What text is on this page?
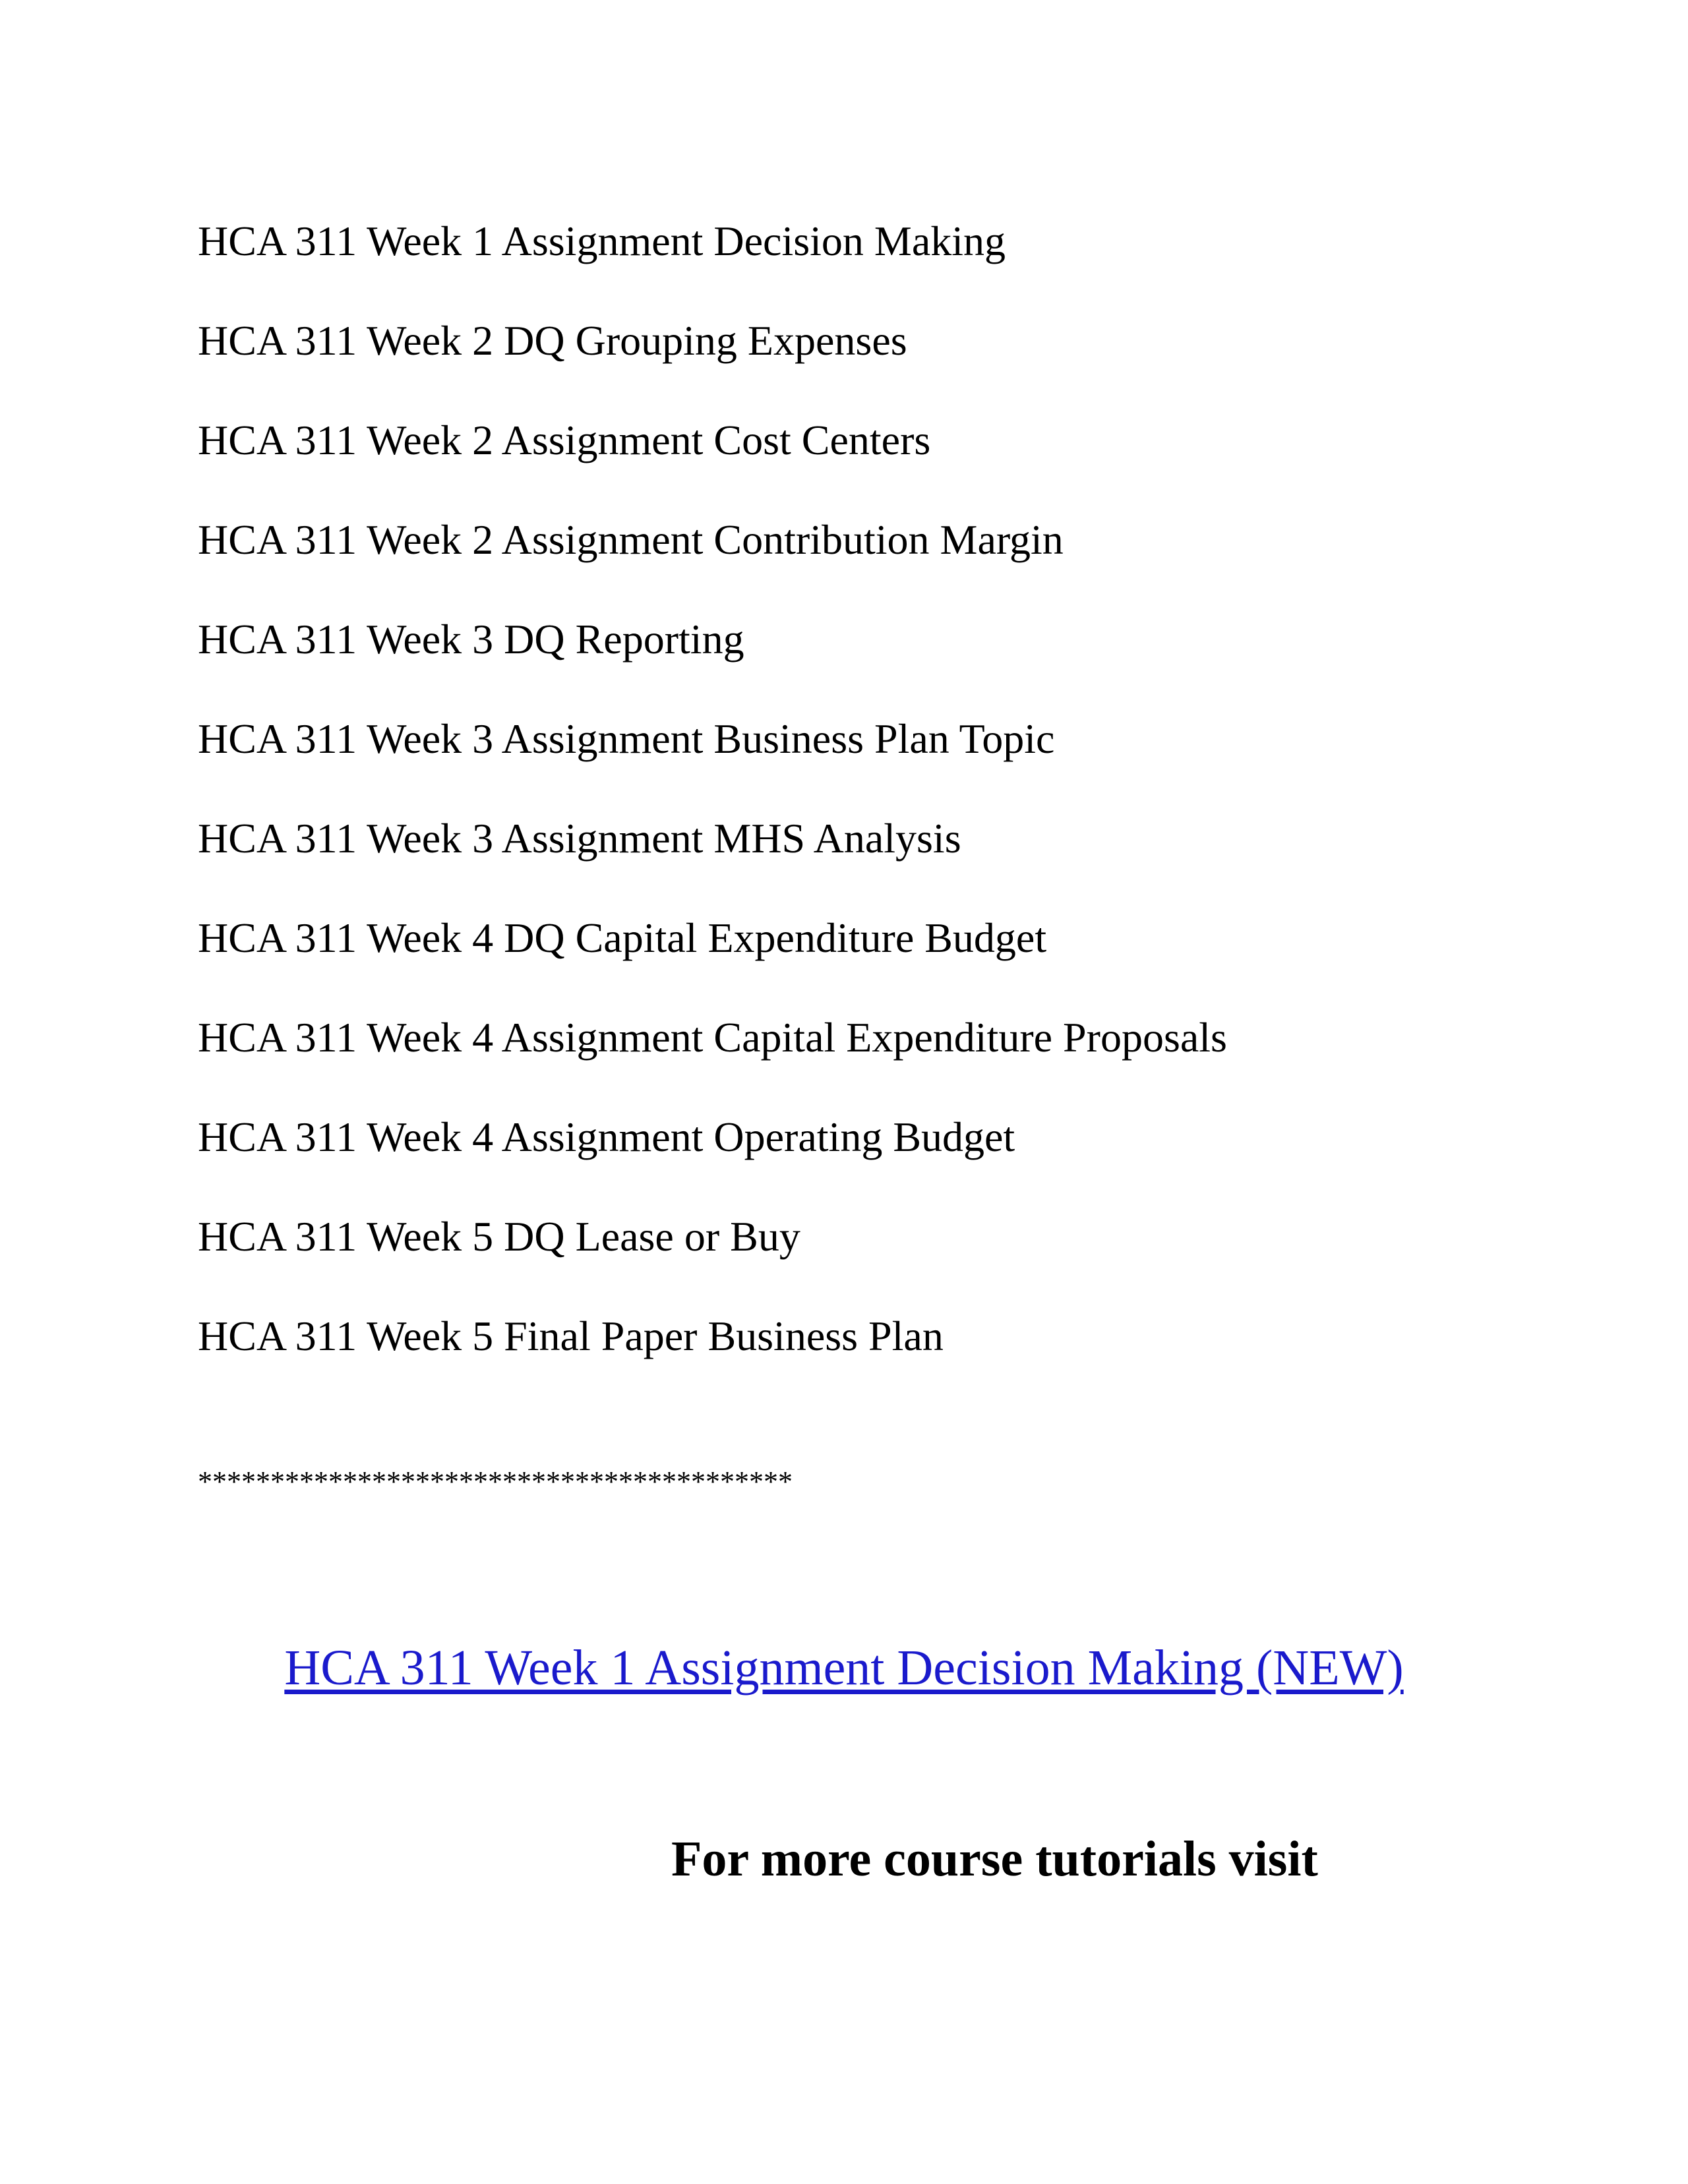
HCA 311 Week 1 Assignment Decision Making
HCA 311 Week 2 DQ Grouping Expenses
HCA 311 Week 2 Assignment Cost Centers
HCA 311 Week 2 Assignment Contribution Margin
HCA 311 Week 3 DQ Reporting
HCA 311 Week 3 Assignment Business Plan Topic
HCA 311 Week 3 Assignment MHS Analysis
HCA 311 Week 4 DQ Capital Expenditure Budget
HCA 311 Week 4 Assignment Capital Expenditure Proposals
HCA 311 Week 4 Assignment Operating Budget
HCA 311 Week 5 DQ Lease or Buy
HCA 311 Week 5 Final Paper Business Plan
*****************************************
HCA 311 Week 1 Assignment Decision Making (NEW)
For more course tutorials visit
